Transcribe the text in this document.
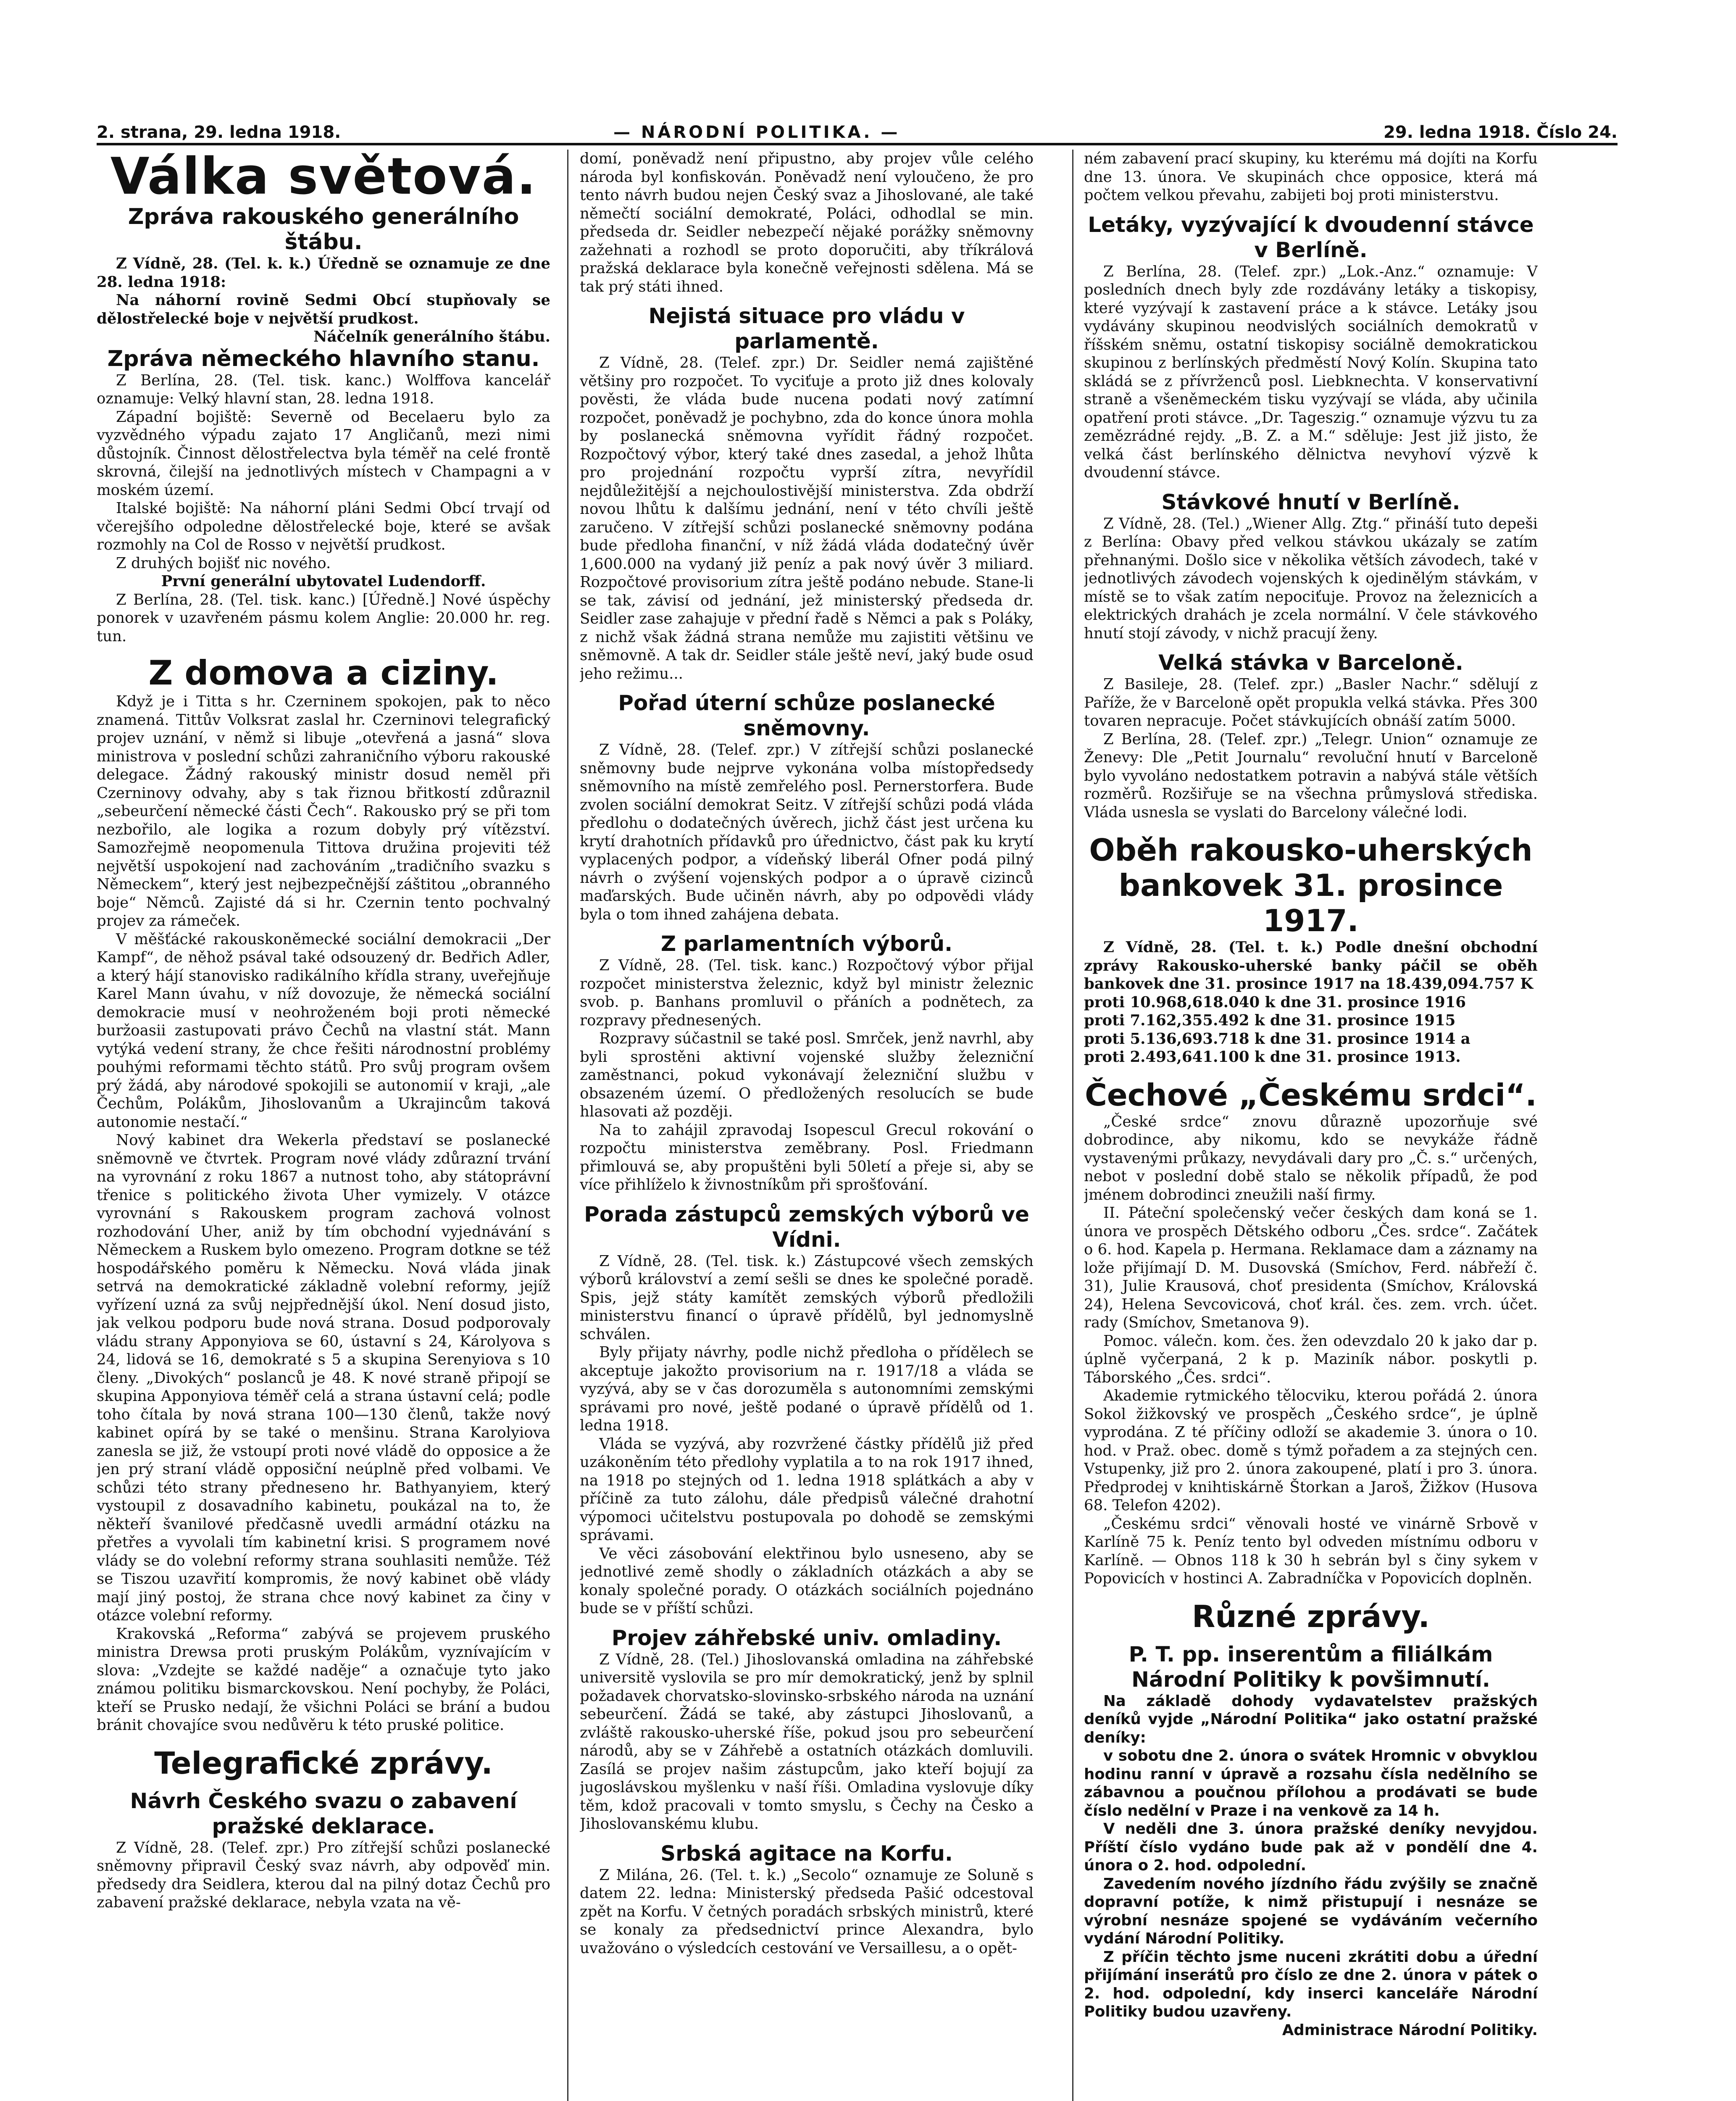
2. strana, 29. ledna 1918.	— NÁRODNÍ POLITIKA. —	29. ledna 1918. Číslo 24.
Válka světová.
Zpráva rakouského generálního štábu.

Z Vídně, 28. (Tel. k. k.) Úředně se oznamuje ze dne 28. ledna 1918:

Na náhorní rovině Sedmi Obcí stupňovaly se dělostřelecké boje v největší prudkost.

Náčelník generálního štábu.

Zpráva německého hlavního stanu.

Z Berlína, 28. (Tel. tisk. kanc.) Wolffova kancelář oznamuje: Velký hlavní stan, 28. ledna 1918.

Západní bojiště: Severně od Becelaeru bylo za vyzvědného výpadu zajato 17 Angličanů, mezi nimi důstojník. Činnost dělostřelectva byla téměř na celé frontě skrovná, čilejší na jednotlivých místech v Champagni a v moském území.

Italské bojiště: Na náhorní pláni Sedmi Obcí trvají od včerejšího odpoledne dělostřelecké boje, které se avšak rozmohly na Col de Rosso v největší prudkost.

Z druhých bojišť nic nového.

První generální ubytovatel Ludendorff.

Z Berlína, 28. (Tel. tisk. kanc.) [Úředně.] Nové úspěchy ponorek v uzavřeném pásmu kolem Anglie: 20.000 hr. reg. tun.

Z domova a ciziny.

Když je i Titta s hr. Czerninem spokojen, pak to něco znamená. Tittův Volksrat zaslal hr. Czerninovi telegrafický projev uznání, v němž si libuje „otevřená a jasná“ slova ministrova v poslední schůzi zahraničního výboru rakouské delegace. Žádný rakouský ministr dosud neměl při Czerninovy odvahy, aby s tak řiznou břitkostí zdůraznil „sebeurčení německé části Čech“. Rakousko prý se při tom nezbořilo, ale logika a rozum dobyly prý vítězství. Samozřejmě neopomenula Tittova družina projeviti též největší uspokojení nad zachováním „tradičního svazku s Německem“, který jest nejbezpečnější záštitou „obranného boje“ Němců. Zajisté dá si hr. Czernin tento pochvalný projev za rámeček.

V měšťácké rakouskoněmecké sociální demokracii „Der Kampf“, de něhož psával také odsouzený dr. Bedřich Adler, a který hájí stanovisko radikálního křídla strany, uveřejňuje Karel Mann úvahu, v níž dovozuje, že německá sociální demokracie musí v neohroženém boji proti německé buržoasii zastupovati právo Čechů na vlastní stát. Mann vytýká vedení strany, že chce řešiti národnostní problémy pouhými reformami těchto států. Pro svůj program ovšem prý žádá, aby národové spokojili se autonomií v kraji, „ale Čechům, Polákům, Jihoslovanům a Ukrajincům taková autonomie nestačí.“

Nový kabinet dra Wekerla představí se poslanecké sněmovně ve čtvrtek. Program nové vlády zdůrazní trvání na vyrovnání z roku 1867 a nutnost toho, aby státoprávní třenice s politického života Uher vymizely. V otázce vyrovnání s Rakouskem program zachová volnost rozhodování Uher, aniž by tím obchodní vyjednávání s Německem a Ruskem bylo omezeno. Program dotkne se též hospodářského poměru k Německu. Nová vláda jinak setrvá na demokratické základně volební reformy, jejíž vyřízení uzná za svůj nejpřednější úkol. Není dosud jisto, jak velkou podporu bude nová strana. Dosud podporovaly vládu strany Apponyiova se 60, ústavní s 24, Károlyova s 24, lidová se 16, demokraté s 5 a skupina Serenyiova s 10 členy. „Divokých“ poslanců je 48. K nové straně připojí se skupina Apponyiova téměř celá a strana ústavní celá; podle toho čítala by nová strana 100—130 členů, takže nový kabinet opírá by se také o menšinu. Strana Karolyiova zanesla se již, že vstoupí proti nové vládě do opposice a že jen prý straní vládě opposiční neúplně před volbami. Ve schůzi této strany předneseno hr. Bathyanyiem, který vystoupil z dosavadního kabinetu, poukázal na to, že někteří švanilové předčasně uvedli armádní otázku na přetřes a vyvolali tím kabinetní krisi. S programem nové vlády se do volební reformy strana souhlasiti nemůže. Též se Tiszou uzavřití kompromis, že nový kabinet obě vlády mají jiný postoj, že strana chce nový kabinet za činy v otázce volební reformy.

Krakovská „Reforma“ zabývá se projevem pruského ministra Drewsa proti pruským Polákům, vyznívajícím v slova: „Vzdejte se každé naděje“ a označuje tyto jako známou politiku bismarckovskou. Není pochyby, že Poláci, kteří se Prusko nedají, že všichni Poláci se brání a budou bránit chovajíce svou nedůvěru k této pruské politice.

Telegrafické zprávy.
Návrh Českého svazu o zabavení pražské deklarace.

Z Vídně, 28. (Telef. zpr.) Pro zítřejší schůzi poslanecké sněmovny připravil Český svaz návrh, aby odpověď min. předsedy dra Seidlera, kterou dal na pilný dotaz Čechů pro zabavení pražské deklarace, nebyla vzata na vě-

domí, poněvadž není připustno, aby projev vůle celého národa byl konfiskován. Poněvadž není vyloučeno, že pro tento návrh budou nejen Český svaz a Jihoslované, ale také němečtí sociální demokraté, Poláci, odhodlal se min. předseda dr. Seidler nebezpečí nějaké porážky sněmovny zažehnati a rozhodl se proto doporučiti, aby tříkrálová pražská deklarace byla konečně veřejnosti sdělena. Má se tak prý státi ihned.

Nejistá situace pro vládu v parlamentě.

Z Vídně, 28. (Telef. zpr.) Dr. Seidler nemá zajištěné většiny pro rozpočet. To vyciťuje a proto již dnes kolovaly pověsti, že vláda bude nucena podati nový zatímní rozpočet, poněvadž je pochybno, zda do konce února mohla by poslanecká sněmovna vyřídit řádný rozpočet. Rozpočtový výbor, který také dnes zasedal, a jehož lhůta pro projednání rozpočtu vyprší zítra, nevyřídil nejdůležitější a nejchoulostivější ministerstva. Zda obdrží novou lhůtu k dalšímu jednání, není v této chvíli ještě zaručeno. V zítřejší schůzi poslanecké sněmovny podána bude předloha finanční, v níž žádá vláda dodatečný úvěr 1,600.000 na vydaný již peníz a pak nový úvěr 3 miliard. Rozpočtové provisorium zítra ještě podáno nebude. Stane-li se tak, závisí od jednání, jež ministerský předseda dr. Seidler zase zahajuje v přední řadě s Němci a pak s Poláky, z nichž však žádná strana nemůže mu zajistiti většinu ve sněmovně. A tak dr. Seidler stále ještě neví, jaký bude osud jeho režimu...

Pořad úterní schůze poslanecké sněmovny.

Z Vídně, 28. (Telef. zpr.) V zítřejší schůzi poslanecké sněmovny bude nejprve vykonána volba místopředsedy sněmovního na místě zemřelého posl. Pernerstorfera. Bude zvolen sociální demokrat Seitz. V zítřejší schůzi podá vláda předlohu o dodatečných úvěrech, jichž část jest určena ku krytí drahotních přídavků pro úřednictvo, část pak ku krytí vyplacených podpor, a vídeňský liberál Ofner podá pilný návrh o zvýšení vojenských podpor a o úpravě cizinců maďarských. Bude učiněn návrh, aby po odpovědi vlády byla o tom ihned zahájena debata.

Z parlamentních výborů.

Z Vídně, 28. (Tel. tisk. kanc.) Rozpočtový výbor přijal rozpočet ministerstva železnic, když byl ministr železnic svob. p. Banhans promluvil o přáních a podnětech, za rozpravy přednesených.

Rozpravy súčastnil se také posl. Smrček, jenž navrhl, aby byli sprostěni aktivní vojenské služby železniční zaměstnanci, pokud vykonávají železniční službu v obsazeném území. O předložených resolucích se bude hlasovati až později.

Na to zahájil zpravodaj Isopescul Grecul rokování o rozpočtu ministerstva zeměbrany. Posl. Friedmann přimlouvá se, aby propuštěni byli 50letí a přeje si, aby se více přihlíželo k živnostníkům při sprošťování.

Porada zástupců zemských výborů ve Vídni.

Z Vídně, 28. (Tel. tisk. k.) Zástupcové všech zemských výborů království a zemí sešli se dnes ke společné poradě. Spis, jejž státy kamítět zemských výborů předložili ministerstvu financí o úpravě přídělů, byl jednomyslně schválen.

Byly přijaty návrhy, podle nichž předloha o přídělech se akceptuje jakožto provisorium na r. 1917/18 a vláda se vyzývá, aby se v čas dorozuměla s autonomními zemskými správami pro nové, ještě podané o úpravě přídělů od 1. ledna 1918.

Vláda se vyzývá, aby rozvržené částky přídělů již před uzákoněním této předlohy vyplatila a to na rok 1917 ihned, na 1918 po stejných od 1. ledna 1918 splátkách a aby v příčině za tuto zálohu, dále předpisů válečné drahotní výpomoci učitelstvu postupovala po dohodě se zemskými správami.

Ve věci zásobování elektřinou bylo usneseno, aby se jednotlivé země shodly o základních otázkách a aby se konaly společné porady. O otázkách sociálních pojednáno bude se v příští schůzi.

Projev záhřebské univ. omladiny.

Z Vídně, 28. (Tel.) Jihoslovanská omladina na záhřebské universitě vyslovila se pro mír demokratický, jenž by splnil požadavek chorvatsko-slovinsko-srbského národa na uznání sebeurčení. Žádá se také, aby zástupci Jihoslovanů, a zvláště rakousko-uherské říše, pokud jsou pro sebeurčení národů, aby se v Záhřebě a ostatních otázkách domluvili. Zasílá se projev našim zástupcům, jako kteří bojují za jugoslávskou myšlenku v naší říši. Omladina vyslovuje díky těm, kdož pracovali v tomto smyslu, s Čechy na Česko a Jihoslovanskému klubu.

Srbská agitace na Korfu.

Z Milána, 26. (Tel. t. k.) „Secolo“ oznamuje ze Soluně s datem 22. ledna: Ministerský předseda Pašić odcestoval zpět na Korfu. V četných poradách srbských ministrů, které se konaly za předsednictví prince Alexandra, bylo uvažováno o výsledcích cestování ve Versaillesu, a o opět-

ném zabavení prací skupiny, ku kterému má dojíti na Korfu dne 13. února. Ve skupinách chce opposice, která má počtem velkou převahu, zabijeti boj proti ministerstvu.

Letáky, vyzývající k dvoudenní stávce v Berlíně.

Z Berlína, 28. (Telef. zpr.) „Lok.-Anz.“ oznamuje: V posledních dnech byly zde rozdávány letáky a tiskopisy, které vyzývají k zastavení práce a k stávce. Letáky jsou vydávány skupinou neodvislých sociálních demokratů v říšském sněmu, ostatní tiskopisy sociálně demokratickou skupinou z berlínských předměstí Nový Kolín. Skupina tato skládá se z přívrženců posl. Liebknechta. V konservativní straně a všeněmeckém tisku vyzývají se vláda, aby učinila opatření proti stávce. „Dr. Tageszig.“ oznamuje výzvu tu za zemězrádné rejdy. „B. Z. a M.“ sděluje: Jest již jisto, že velká část berlínského dělnictva nevyhoví výzvě k dvoudenní stávce.

Stávkové hnutí v Berlíně.

Z Vídně, 28. (Tel.) „Wiener Allg. Ztg.“ přináší tuto depeši z Berlína: Obavy před velkou stávkou ukázaly se zatím přehnanými. Došlo sice v několika větších závodech, také v jednotlivých závodech vojenských k ojedinělým stávkám, v místě se to však zatím nepociťuje. Provoz na železnicích a elektrických drahách je zcela normální. V čele stávkového hnutí stojí závody, v nichž pracují ženy.

Velká stávka v Barceloně.

Z Basileje, 28. (Telef. zpr.) „Basler Nachr.“ sdělují z Paříže, že v Barceloně opět propukla velká stávka. Přes 300 tovaren nepracuje. Počet stávkujících obnáší zatím 5000.

Z Berlína, 28. (Telef. zpr.) „Telegr. Union“ oznamuje ze Ženevy: Dle „Petit Journalu“ revoluční hnutí v Barceloně bylo vyvoláno nedostatkem potravin a nabývá stále větších rozměrů. Rozšiřuje se na všechna průmyslová střediska. Vláda usnesla se vyslati do Barcelony válečné lodi.

Oběh rakousko-uherských bankovek 31. prosince 1917.

Z Vídně, 28. (Tel. t. k.) Podle dnešní obchodní zprávy Rakousko-uherské banky páčil se oběh bankovek dne 31. prosince 1917 na 18.439,094.757 K

proti 10.968,618.040 k dne 31. prosince 1916

proti 7.162,355.492 k dne 31. prosince 1915

proti 5.136,693.718 k dne 31. prosince 1914 a

proti 2.493,641.100 k dne 31. prosince 1913.

Čechové „Českému srdci“.

„České srdce“ znovu důrazně upozorňuje své dobrodince, aby nikomu, kdo se nevykáže řádně vystavenými průkazy, nevydávali dary pro „Č. s.“ určených, nebot v poslední době stalo se několik případů, že pod jménem dobrodinci zneužili naší firmy.

II. Páteční společenský večer českých dam koná se 1. února ve prospěch Dětského odboru „Čes. srdce“. Začátek o 6. hod. Kapela p. Hermana. Reklamace dam a záznamy na lože přijímají D. M. Dusovská (Smíchov, Ferd. nábřeží č. 31), Julie Krausová, choť presidenta (Smíchov, Královská 24), Helena Sevcovicová, choť král. čes. zem. vrch. účet. rady (Smíchov, Smetanova 9).

Pomoc. válečn. kom. čes. žen odevzdalo 20 k jako dar p. úplně vyčerpaná, 2 k p. Maziník nábor. poskytli p. Táborského „Čes. srdci“.

Akademie rytmického tělocviku, kterou pořádá 2. února Sokol žižkovský ve prospěch „Českého srdce“, je úplně vyprodána. Z té příčiny odloží se akademie 3. února o 10. hod. v Praž. obec. domě s týmž pořadem a za stejných cen. Vstupenky, již pro 2. února zakoupené, platí i pro 3. února. Předprodej v knihtiskárně Štorkan a Jaroš, Žižkov (Husova 68. Telefon 4202).

„Českému srdci“ věnovali hosté ve vinárně Srbově v Karlíně 75 k. Peníz tento byl odveden místnímu odboru v Karlíně. — Obnos 118 k 30 h sebrán byl s činy sykem v Popovicích v hostinci A. Zabradníčka v Popovicích doplněn.

Různé zprávy.
P. T. pp. inserentům a filiálkám Národní Politiky k povšimnutí.

Na základě dohody vydavatelstev pražských deníků vyjde „Národní Politika“ jako ostatní pražské deníky:

v sobotu dne 2. února o svátek Hromnic v obvyklou hodinu ranní v úpravě a rozsahu čísla nedělního se zábavnou a poučnou přílohou a prodávati se bude číslo nedělní v Praze i na venkově za 14 h.

V neděli dne 3. února pražské deníky nevyjdou. Příští číslo vydáno bude pak až v pondělí dne 4. února o 2. hod. odpolední.

Zavedením nového jízdního řádu zvýšily se značně dopravní potíže, k nimž přistupují i nesnáze se výrobní nesnáze spojené se vydáváním večerního vydání Národní Politiky.

Z příčin těchto jsme nuceni zkrátiti dobu a úřední přijímání inserátů pro číslo ze dne 2. února v pátek o 2. hod. odpolední, kdy inserci kanceláře Národní Politiky budou uzavřeny.

Administrace Národní Politiky.
